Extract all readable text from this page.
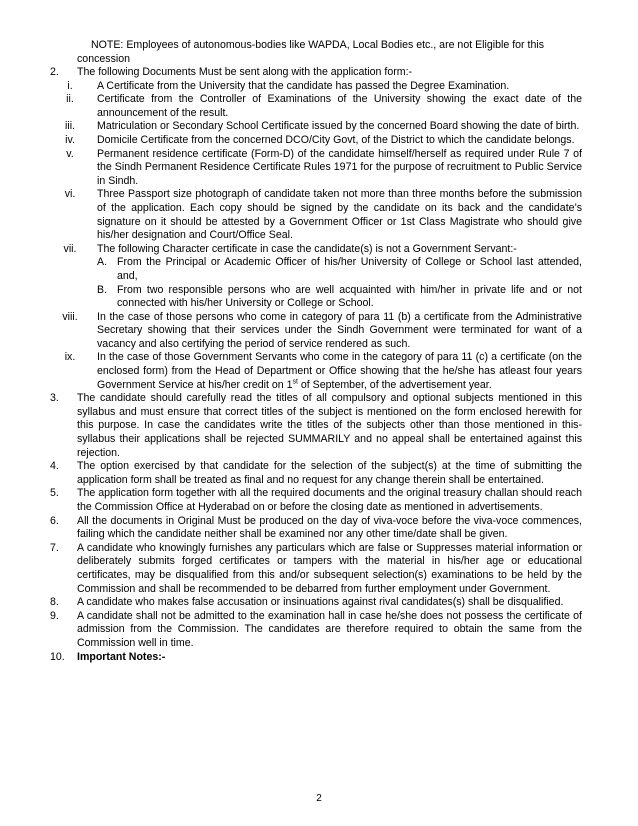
NOTE: Employees of autonomous-bodies like WAPDA, Local Bodies etc., are not Eligible for this concession
2.	The following Documents Must be sent along with the application form:-
i.	A Certificate from the University that the candidate has passed the Degree Examination.
ii.	Certificate from the Controller of Examinations of the University showing the exact date of the announcement of the result.
iii.	Matriculation or Secondary School Certificate issued by the concerned Board showing the date of birth.
iv.	Domicile Certificate from the concerned DCO/City Govt, of the District to which the candidate belongs.
v.	Permanent residence certificate (Form-D) of the candidate himself/herself as required under Rule 7 of the Sindh Permanent Residence Certificate Rules 1971 for the purpose of recruitment to Public Service in Sindh.
vi.	Three Passport size photograph of candidate taken not more than three months before the submission of the application. Each copy should be signed by the candidate on its back and the candidate’s signature on it should be attested by a Government Officer or 1st Class Magistrate who should give his/her designation and Court/Office Seal.
vii.	The following Character certificate in case the candidate(s) is not a Government Servant:-
A. From the Principal or Academic Officer of his/her University of College or School last attended, and,
B. From two responsible persons who are well acquainted with him/her in private life and or not connected with his/her University or College or School.
viii.	In the case of those persons who come in category of para 11 (b) a certificate from the Administrative Secretary showing that their services under the Sindh Government were terminated for want of a vacancy and also certifying the period of service rendered as such.
ix.	In the case of those Government Servants who come in the category of para 11 (c) a certificate (on the enclosed form) from the Head of Department or Office showing that the he/she has atleast four years Government Service at his/her credit on 1st of September, of the advertisement year.
3.	The candidate should carefully read the titles of all compulsory and optional subjects mentioned in this syllabus and must ensure that correct titles of the subject is mentioned on the form enclosed herewith for this purpose. In case the candidates write the titles of the subjects other than those mentioned in this-syllabus their applications shall be rejected SUMMARILY and no appeal shall be entertained against this rejection.
4.	The option exercised by that candidate for the selection of the subject(s) at the time of submitting the application form shall be treated as final and no request for any change therein shall be entertained.
5.	The application form together with all the required documents and the original treasury challan should reach the Commission Office at Hyderabad on or before the closing date as mentioned in advertisements.
6.	All the documents in Original Must be produced on the day of viva-voce before the viva-voce commences, failing which the candidate neither shall be examined nor any other time/date shall be given.
7.	A candidate who knowingly furnishes any particulars which are false or Suppresses material information or deliberately submits forged certificates or tampers with the material in his/her age or educational certificates, may be disqualified from this and/or subsequent selection(s) examinations to be held by the Commission and shall be recommended to be debarred from further employment under Government.
8.	A candidate who makes false accusation or insinuations against rival candidates(s) shall be disqualified.
9.	A candidate shall not be admitted to the examination hall in case he/she does not possess the certificate of admission from the Commission. The candidates are therefore required to obtain the same from the Commission well in time.
10.	Important Notes:-
2
